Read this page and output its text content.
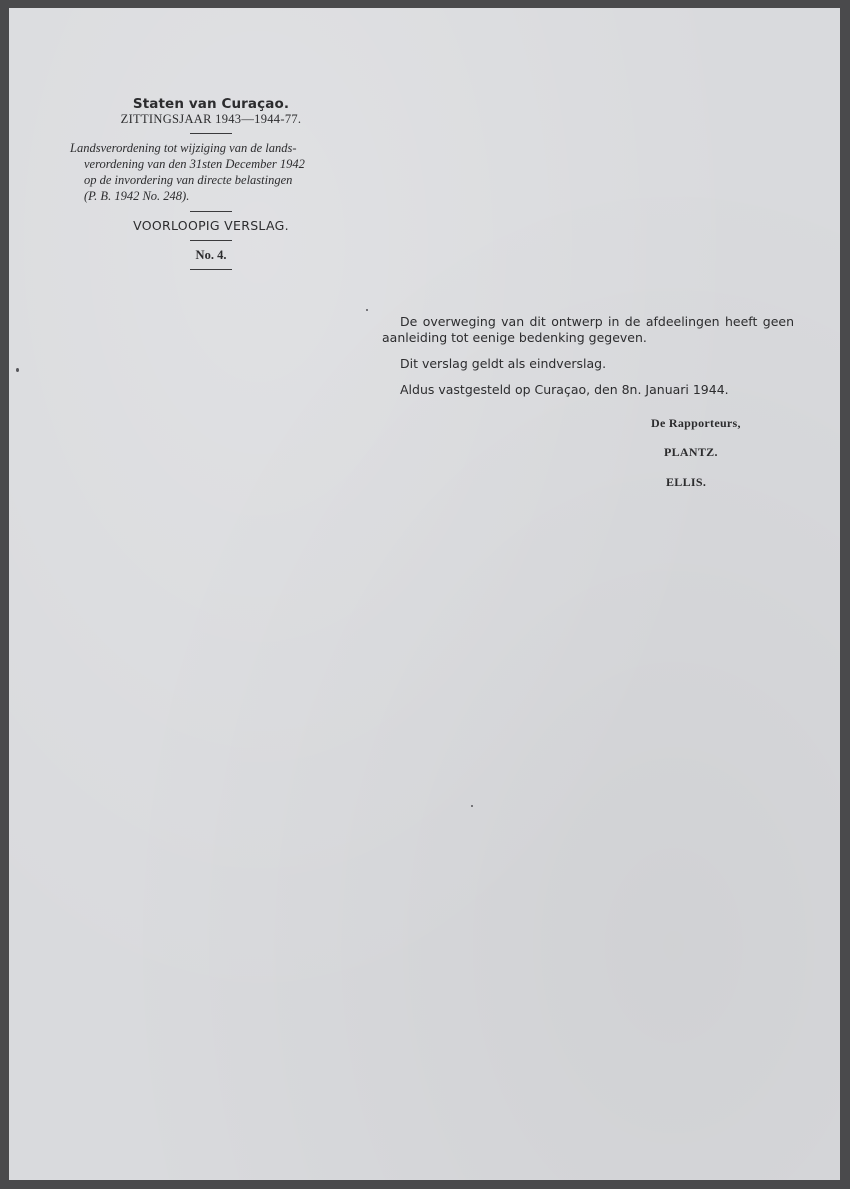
Staten van Curaçao.

ZITTINGSJAAR 1943—1944-77.

Landsverordening tot wijziging van de lands-
verordening van den 31sten December 1942
op de invordering van directe belastingen
(P. B. 1942 No. 248).

VOORLOOPIG VERSLAG.

No. 4.

De overweging van dit ontwerp in de afdeelingen heeft geen aanleiding tot eenige bedenking gegeven.

Dit verslag geldt als eindverslag.

Aldus vastgesteld op Curaçao, den 8n. Januari 1944.

De Rapporteurs,
PLANTZ.
ELLIS.
